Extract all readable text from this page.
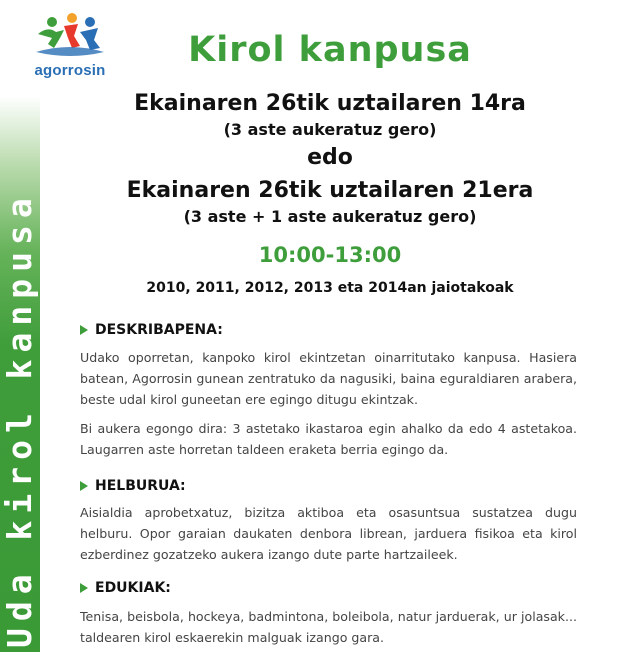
agorrosin
Uda kirol kanpusa
Kirol kanpusa
Ekainaren 26tik uztailaren 14ra
(3 aste aukeratuz gero)
edo
Ekainaren 26tik uztailaren 21era
(3 aste + 1 aste aukeratuz gero)
10:00-13:00
2010, 2011, 2012, 2013 eta 2014an jaiotakoak
DESKRIBAPENA:
Udako oporretan, kanpoko kirol ekintzetan oinarritutako kanpusa. Hasiera batean, Agorrosin gunean zentratuko da nagusiki, baina eguraldiaren arabera, beste udal kirol guneetan ere egingo ditugu ekintzak.
Bi aukera egongo dira: 3 astetako ikastaroa egin ahalko da edo 4 astetakoa. Laugarren aste horretan taldeen eraketa berria egingo da.
HELBURUA:
Aisialdia aprobetxatuz, bizitza aktiboa eta osasuntsua sustatzea dugu helburu. Opor garaian daukaten denbora librean, jarduera fisikoa eta kirol ezberdinez gozatzeko aukera izango dute parte hartzaileek.
EDUKIAK:
Tenisa, beisbola, hockeya, badmintona, boleibola, natur jarduerak, ur jolasak... taldearen kirol eskaerekin malguak izango gara.
